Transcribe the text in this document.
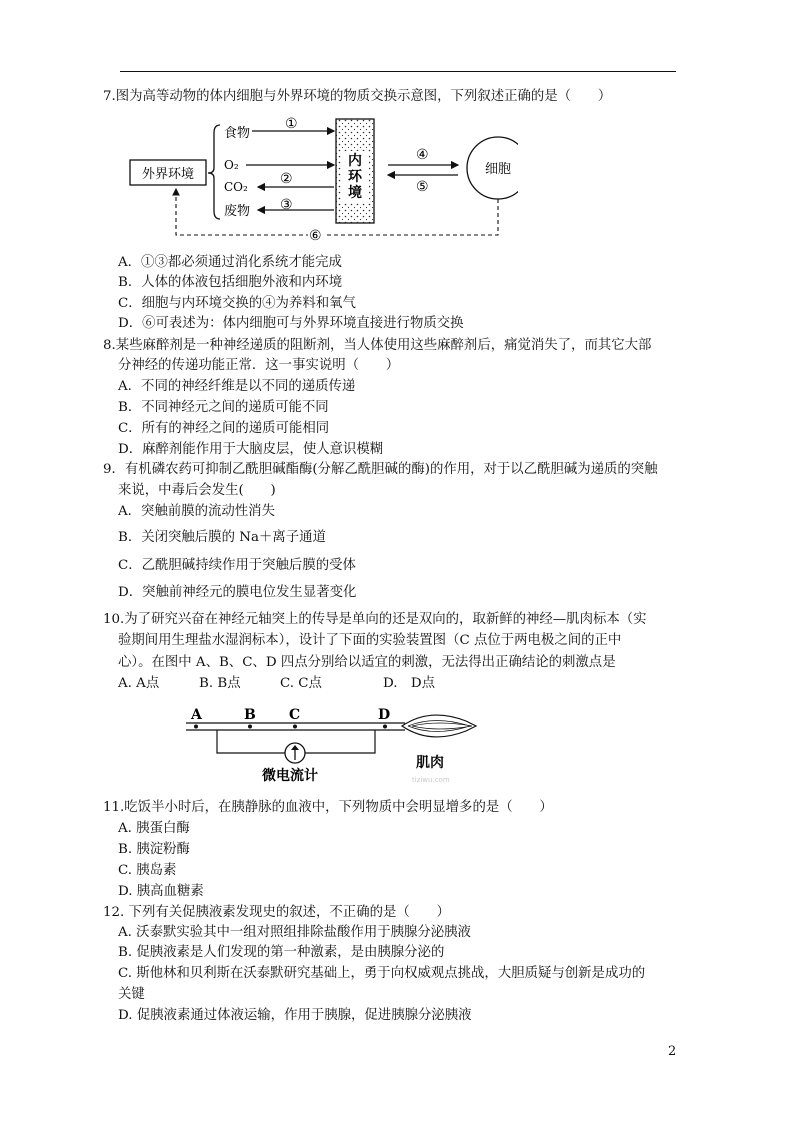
7.图为高等动物的体内细胞与外界环境的物质交换示意图，下列叙述正确的是（　　）
外界环境
食物
O₂
CO₂
废物
①
②
③
内环境
④
⑤
细胞
⑥
A．①③都必须通过消化系统才能完成
B．人体的体液包括细胞外液和内环境
C．细胞与内环境交换的④为养料和氧气
D．⑥可表述为：体内细胞可与外界环境直接进行物质交换
8.某些麻醉剂是一种神经递质的阻断剂，当人体使用这些麻醉剂后，痛觉消失了，而其它大部
分神经的传递功能正常．这一事实说明（　　）
A．不同的神经纤维是以不同的递质传递
B．不同神经元之间的递质可能不同
C．所有的神经之间的递质可能相同
D．麻醉剂能作用于大脑皮层，使人意识模糊
9．有机磷农药可抑制乙酰胆碱酯酶(分解乙酰胆碱的酶)的作用，对于以乙酰胆碱为递质的突触
来说，中毒后会发生(　　)
A．突触前膜的流动性消失
B．关闭突触后膜的 Na＋离子通道
C．乙酰胆碱持续作用于突触后膜的受体
D．突触前神经元的膜电位发生显著变化
10.为了研究兴奋在神经元轴突上的传导是单向的还是双向的，取新鲜的神经—肌肉标本（实
验期间用生理盐水湿润标本），设计了下面的实验装置图（C 点位于两电极之间的正中
心）。在图中 A、B、C、D 四点分别给以适宜的刺激，无法得出正确结论的刺激点是
A. A点	B. B点	C. C点	D.　D点
A	B C	D
微电流计
肌肉
tiziwu.com
11.吃饭半小时后，在胰静脉的血液中，下列物质中会明显增多的是（　　）
A. 胰蛋白酶
B. 胰淀粉酶
C. 胰岛素
D. 胰高血糖素
12. 下列有关促胰液素发现史的叙述，不正确的是（　　）
A. 沃泰默实验其中一组对照组排除盐酸作用于胰腺分泌胰液
B. 促胰液素是人们发现的第一种激素，是由胰腺分泌的
C. 斯他林和贝利斯在沃泰默研究基础上，勇于向权威观点挑战，大胆质疑与创新是成功的
关键
D. 促胰液素通过体液运输，作用于胰腺，促进胰腺分泌胰液
2
